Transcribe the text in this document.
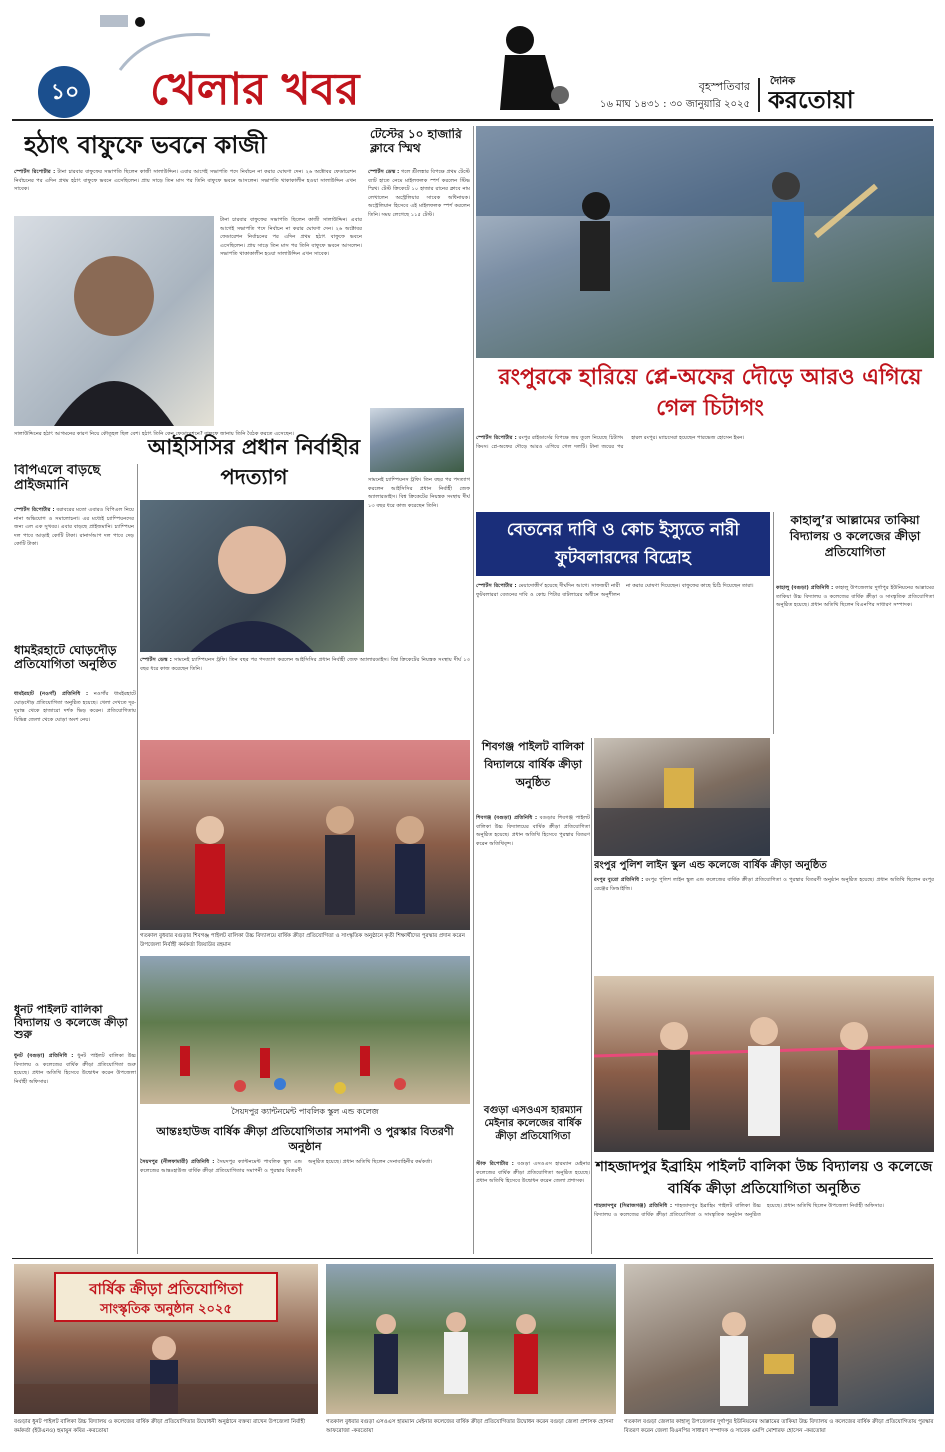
১০ খেলার খবর	বৃহস্পতিবার
১৬ মাঘ ১৪৩১ : ৩০ জানুয়ারি ২০২৫
দৈনিক
করতোয়া
হঠাৎ বাফুফে ভবনে কাজী

স্পোর্টস রিপোর্টার : টানা চারবার বাফুফের সভাপতি ছিলেন কাজী সালাউদ্দিন। এবার আগেই সভাপতি পদে নির্বাচন না করার ঘোষণা দেন। ২৬ অক্টোবর ফেডারেশন নির্বাচনের পর এদিন প্রথম হঠাৎ বাফুফে ভবনে এসেছিলেন। প্রায় সাড়ে তিন মাস পর তিনি বাফুফে ভবনে আসলেন। সভাপতি থাকাকালীন হওয়া সালাউদ্দিন এখন সাবেক।

টানা চারবার বাফুফের সভাপতি ছিলেন কাজী সালাউদ্দিন। এবার আগেই সভাপতি পদে নির্বাচন না করার ঘোষণা দেন। ২৬ অক্টোবর ফেডারেশন নির্বাচনের পর এদিন প্রথম হঠাৎ বাফুফে ভবনে এসেছিলেন। প্রায় সাড়ে তিন মাস পর তিনি বাফুফে ভবনে আসলেন। সভাপতি থাকাকালীন হওয়া সালাউদ্দিন এখন সাবেক।

সালাউদ্দিনের হঠাৎ আগমনের কারণ নিয়ে কৌতূহল ছিল বেশ। হঠাৎ তিনি কেন ফেডারেশনে? বাফুফে জানায় তিনি বৈঠক করতে এসেছেন।
টেস্টের ১০ হাজারি ক্লাবে স্মিথ

স্পোর্টস ডেস্ক : গলে শ্রীলঙ্কার বিপক্ষে প্রথম টেস্টে ব্যাট হাতে নেমে মাইলফলক স্পর্শ করলেন স্টিভ স্মিথ। টেস্ট ক্রিকেটে ১০ হাজার রানের ক্লাবে নাম লেখালেন অস্ট্রেলিয়ার সাবেক অধিনায়ক। অস্ট্রেলিয়ান হিসেবে এই মাইলফলক স্পর্শ করলেন তিনি। সময় লেগেছে ১১৫ টেস্ট।

রংপুরকে হারিয়ে প্লে-অফের দৌড়ে আরও এগিয়ে গেল চিটাগং

স্পোর্টস রিপোর্টার : রংপুর রাইডার্সের বিপক্ষে জয় তুলে নিয়েছে চিটাগং কিংস। প্লে-অফের দৌড়ে আরও এগিয়ে গেল দলটি। টানা জয়ের পর হারল রংপুর। ম্যাচসেরা হয়েছেন পারভেজ হোসেন ইমন।

বিপিএলে বাড়ছে প্রাইজমানি

স্পোর্টস রিপোর্টার : বরাবরের মতো এবারও বিপিএল নিয়ে নানা অভিযোগ ও সমালোচনা। এর মধ্যেই চ্যাম্পিয়নদের জন্য এল এক সুখবর। এবার বাড়ছে প্রাইজমানি। চ্যাম্পিয়ন দল পাবে আড়াই কোটি টাকা। রানার্সআপ দল পাবে দেড় কোটি টাকা।

আইসিসির প্রধান নির্বাহীর পদত্যাগ

স্পোর্টস ডেস্ক : সামনেই চ্যাম্পিয়নস ট্রফি। তিন বছর পর পদত্যাগ করলেন আইসিসির প্রধান নির্বাহী জেফ অ্যালারডাইস। বিশ্ব ক্রিকেটের নিয়ন্ত্রক সংস্থায় দীর্ঘ ১৩ বছর ধরে কাজ করেছেন তিনি।

সামনেই চ্যাম্পিয়নস ট্রফি। তিন বছর পর পদত্যাগ করলেন আইসিসির প্রধান নির্বাহী জেফ অ্যালারডাইস। বিশ্ব ক্রিকেটের নিয়ন্ত্রক সংস্থায় দীর্ঘ ১৩ বছর ধরে কাজ করেছেন তিনি।

ধামইরহাটে ঘোড়দৌড় প্রতিযোগিতা অনুষ্ঠিত

ধামইরহাট (নওগাঁ) প্রতিনিধি : নওগাঁর ধামইরহাটে ঘোড়দৌড় প্রতিযোগিতা অনুষ্ঠিত হয়েছে। খেলা দেখতে দূর-দূরান্ত থেকে হাজারো দর্শক ভিড় করেন। প্রতিযোগিতায় বিভিন্ন জেলা থেকে ঘোড়া অংশ নেয়।

ধুনট পাইলট বালিকা বিদ্যালয় ও কলেজে ক্রীড়া শুরু

ধুনট (বগুড়া) প্রতিনিধি : ধুনট পাইলট বালিকা উচ্চ বিদ্যালয় ও কলেজের বার্ষিক ক্রীড়া প্রতিযোগিতা শুরু হয়েছে। প্রধান অতিথি হিসেবে উদ্বোধন করেন উপজেলা নির্বাহী অফিসার।

বেতনের দাবি ও কোচ ইস্যুতে নারী ফুটবলারদের বিদ্রোহ

স্পোর্টস রিপোর্টার : মেয়াদোত্তীর্ণ হয়েছে দীর্ঘদিন আগে। সাফজয়ী নারী ফুটবলাররা বেতনের দাবি ও কোচ পিটার বাটলারের অধীনে অনুশীলন না করার ঘোষণা দিয়েছেন। বাফুফের কাছে চিঠি দিয়েছেন তারা।

কাহালু’র আল্লামের তাকিয়া বিদ্যালয় ও কলেজের ক্রীড়া প্রতিযোগিতা

কাহালু (বগুড়া) প্রতিনিধি : কাহালু উপজেলার দুর্গাপুর ইউনিয়নের আল্লামের তাকিয়া উচ্চ বিদ্যালয় ও কলেজের বার্ষিক ক্রীড়া ও সাংস্কৃতিক প্রতিযোগিতা অনুষ্ঠিত হয়েছে। প্রধান অতিথি ছিলেন বিএনপির সাধারণ সম্পাদক।

গতকাল বুধবার বগুড়ার শিবগঞ্জ পাইলট বালিকা উচ্চ বিদ্যালয়ে বার্ষিক ক্রীড়া প্রতিযোগিতা ও সাংস্কৃতিক অনুষ্ঠানে কৃতী শিক্ষার্থীদের পুরস্কার প্রদান করেন উপজেলা নির্বাহী কর্মকর্তা জিয়াউর রহমান
সৈয়দপুর ক্যান্টনমেন্ট পাবলিক স্কুল এন্ড কলেজ
শিবগঞ্জ পাইলট বালিকা বিদ্যালয়ে বার্ষিক ক্রীড়া অনুষ্ঠিত

শিবগঞ্জ (বগুড়া) প্রতিনিধি : বগুড়ার শিবগঞ্জ পাইলট বালিকা উচ্চ বিদ্যালয়ের বার্ষিক ক্রীড়া প্রতিযোগিতা অনুষ্ঠিত হয়েছে। প্রধান অতিথি হিসেবে পুরস্কার বিতরণ করেন অতিথিবৃন্দ।

রংপুর পুলিশ লাইন স্কুল এন্ড কলেজে বার্ষিক ক্রীড়া অনুষ্ঠিত

রংপুর ব্যুরো প্রতিনিধি : রংপুর পুলিশ লাইন স্কুল এন্ড কলেজের বার্ষিক ক্রীড়া প্রতিযোগিতা ও পুরস্কার বিতরণী অনুষ্ঠান অনুষ্ঠিত হয়েছে। প্রধান অতিথি ছিলেন রংপুর রেঞ্জের ডিআইজি।

আন্তঃহাউজ বার্ষিক ক্রীড়া প্রতিযোগিতার সমাপনী ও পুরস্কার বিতরণী অনুষ্ঠান

সৈয়দপুর (নীলফামারী) প্রতিনিধি : সৈয়দপুর ক্যান্টনমেন্ট পাবলিক স্কুল এন্ড কলেজের আন্তঃহাউজ বার্ষিক ক্রীড়া প্রতিযোগিতার সমাপনী ও পুরস্কার বিতরণী অনুষ্ঠিত হয়েছে। প্রধান অতিথি ছিলেন সেনাবাহিনীর কর্মকর্তা।

বগুড়া এসওএস হারম্যান মেইনার কলেজের বার্ষিক ক্রীড়া প্রতিযোগিতা

স্টাফ রিপোর্টার : বগুড়া এসওএস হারম্যান মেইনার কলেজের বার্ষিক ক্রীড়া প্রতিযোগিতা অনুষ্ঠিত হয়েছে। প্রধান অতিথি হিসেবে উদ্বোধন করেন জেলা প্রশাসক।

শাহজাদপুর ইব্রাহিম পাইলট বালিকা উচ্চ বিদ্যালয় ও কলেজে বার্ষিক ক্রীড়া প্রতিযোগিতা অনুষ্ঠিত

শাহজাদপুর (সিরাজগঞ্জ) প্রতিনিধি : শাহজাদপুর ইব্রাহিম পাইলট বালিকা উচ্চ বিদ্যালয় ও কলেজের বার্ষিক ক্রীড়া প্রতিযোগিতা ও সাংস্কৃতিক অনুষ্ঠান অনুষ্ঠিত হয়েছে। প্রধান অতিথি ছিলেন উপজেলা নির্বাহী অফিসার।

বার্ষিক ক্রীড়া প্রতিযোগিতা
সাংস্কৃতিক অনুষ্ঠান ২০২৫
বগুড়ার ধুনট পাইলট বালিকা উচ্চ বিদ্যালয় ও কলেজের বার্ষিক ক্রীড়া প্রতিযোগিতার উদ্বোধনী অনুষ্ঠানে বক্তব্য রাখেন উপজেলা নির্বাহী কর্মকর্তা (ইউএনও) হুমায়ুন কবির -করতোয়া
গতকাল বুধবার বগুড়া এসওএস হারম্যান মেইনার কলেজের বার্ষিক ক্রীড়া প্রতিযোগিতার উদ্বোধন করেন বগুড়া জেলা প্রশাসক হোসনা আফরোজা -করতোয়া
গতকাল বগুড়া জেলার কাহালু উপজেলার দুর্গাপুর ইউনিয়নের আল্লামের তাকিয়া উচ্চ বিদ্যালয় ও কলেজের বার্ষিক ক্রীড়া প্রতিযোগিতায় পুরস্কার বিতরণ করেন জেলা বিএনপির সাধারণ সম্পাদক ও সাবেক এমপি মোশারফ হোসেন -করতোয়া
